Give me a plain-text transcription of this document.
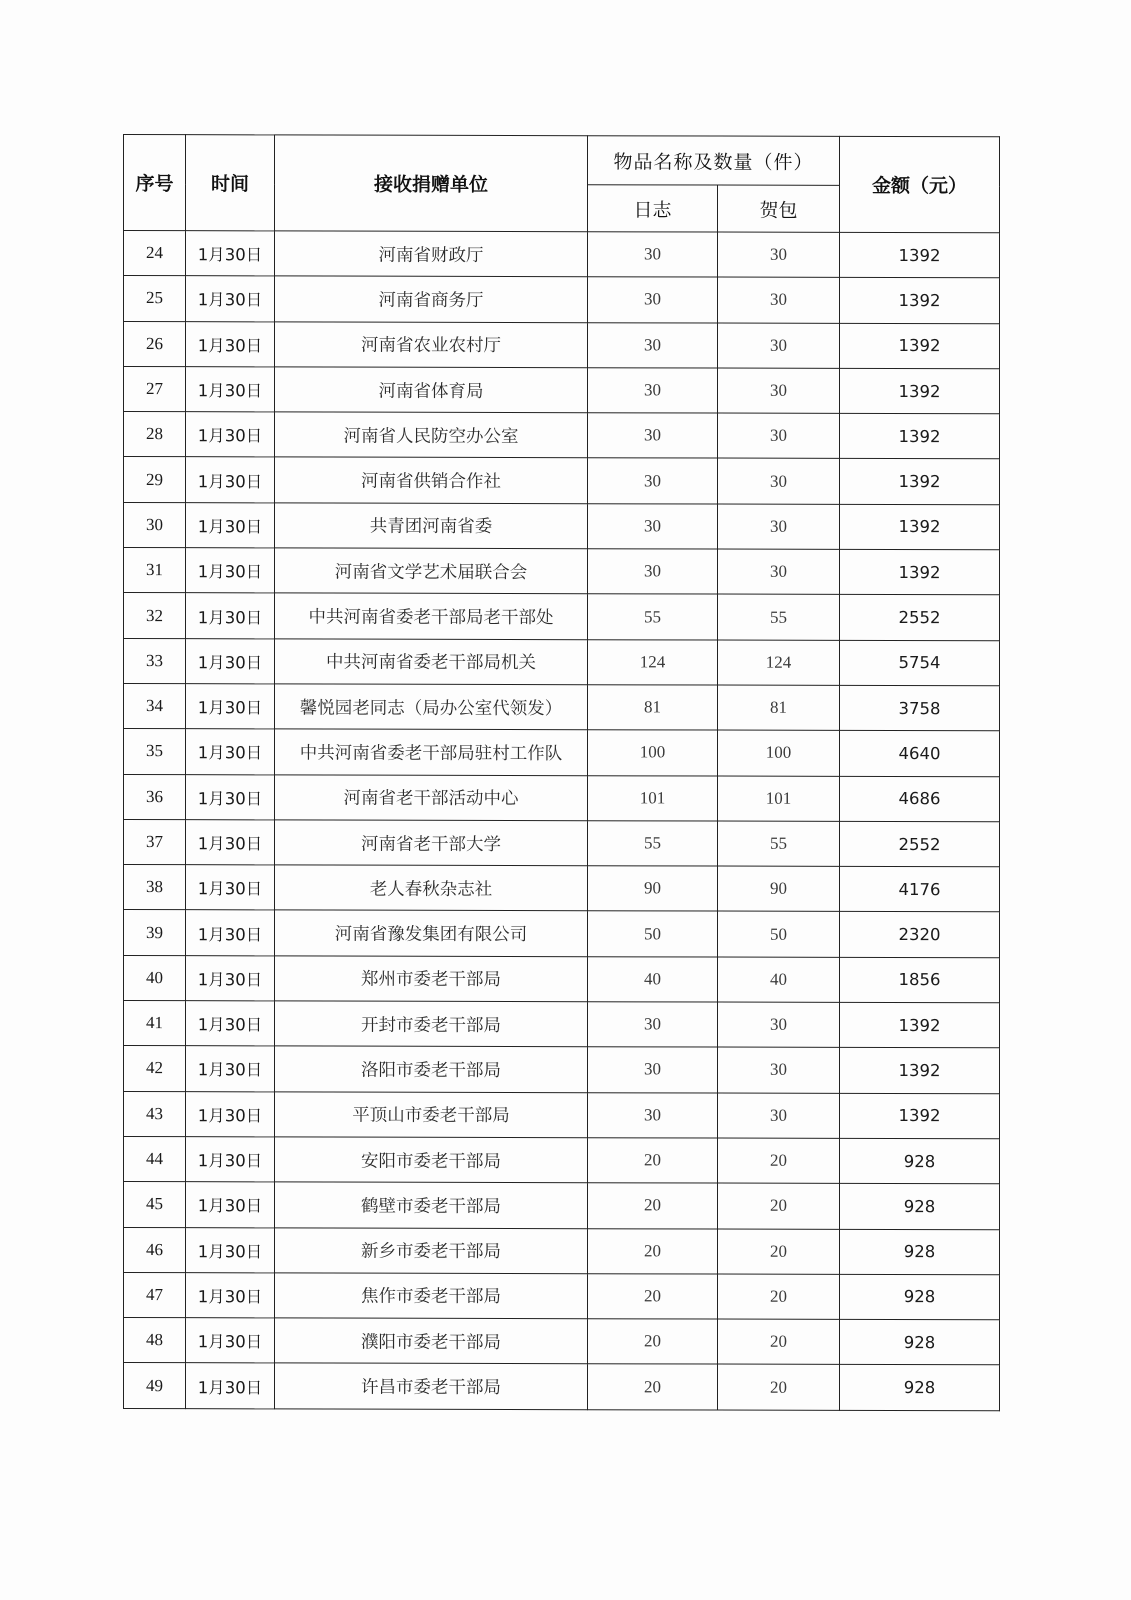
序号	时间	接收捐赠单位	物品名称及数量（件）		金额（元）
			日志	贺包	
24	1月30日	河南省财政厅	30	30	1392
25	1月30日	河南省商务厅	30	30	1392
26	1月30日	河南省农业农村厅	30	30	1392
27	1月30日	河南省体育局	30	30	1392
28	1月30日	河南省人民防空办公室	30	30	1392
29	1月30日	河南省供销合作社	30	30	1392
30	1月30日	共青团河南省委	30	30	1392
31	1月30日	河南省文学艺术届联合会	30	30	1392
32	1月30日	中共河南省委老干部局老干部处	55	55	2552
33	1月30日	中共河南省委老干部局机关	124	124	5754
34	1月30日	馨悦园老同志（局办公室代领发）	81	81	3758
35	1月30日	中共河南省委老干部局驻村工作队	100	100	4640
36	1月30日	河南省老干部活动中心	101	101	4686
37	1月30日	河南省老干部大学	55	55	2552
38	1月30日	老人春秋杂志社	90	90	4176
39	1月30日	河南省豫发集团有限公司	50	50	2320
40	1月30日	郑州市委老干部局	40	40	1856
41	1月30日	开封市委老干部局	30	30	1392
42	1月30日	洛阳市委老干部局	30	30	1392
43	1月30日	平顶山市委老干部局	30	30	1392
44	1月30日	安阳市委老干部局	20	20	928
45	1月30日	鹤壁市委老干部局	20	20	928
46	1月30日	新乡市委老干部局	20	20	928
47	1月30日	焦作市委老干部局	20	20	928
48	1月30日	濮阳市委老干部局	20	20	928
49	1月30日	许昌市委老干部局	20	20	928
